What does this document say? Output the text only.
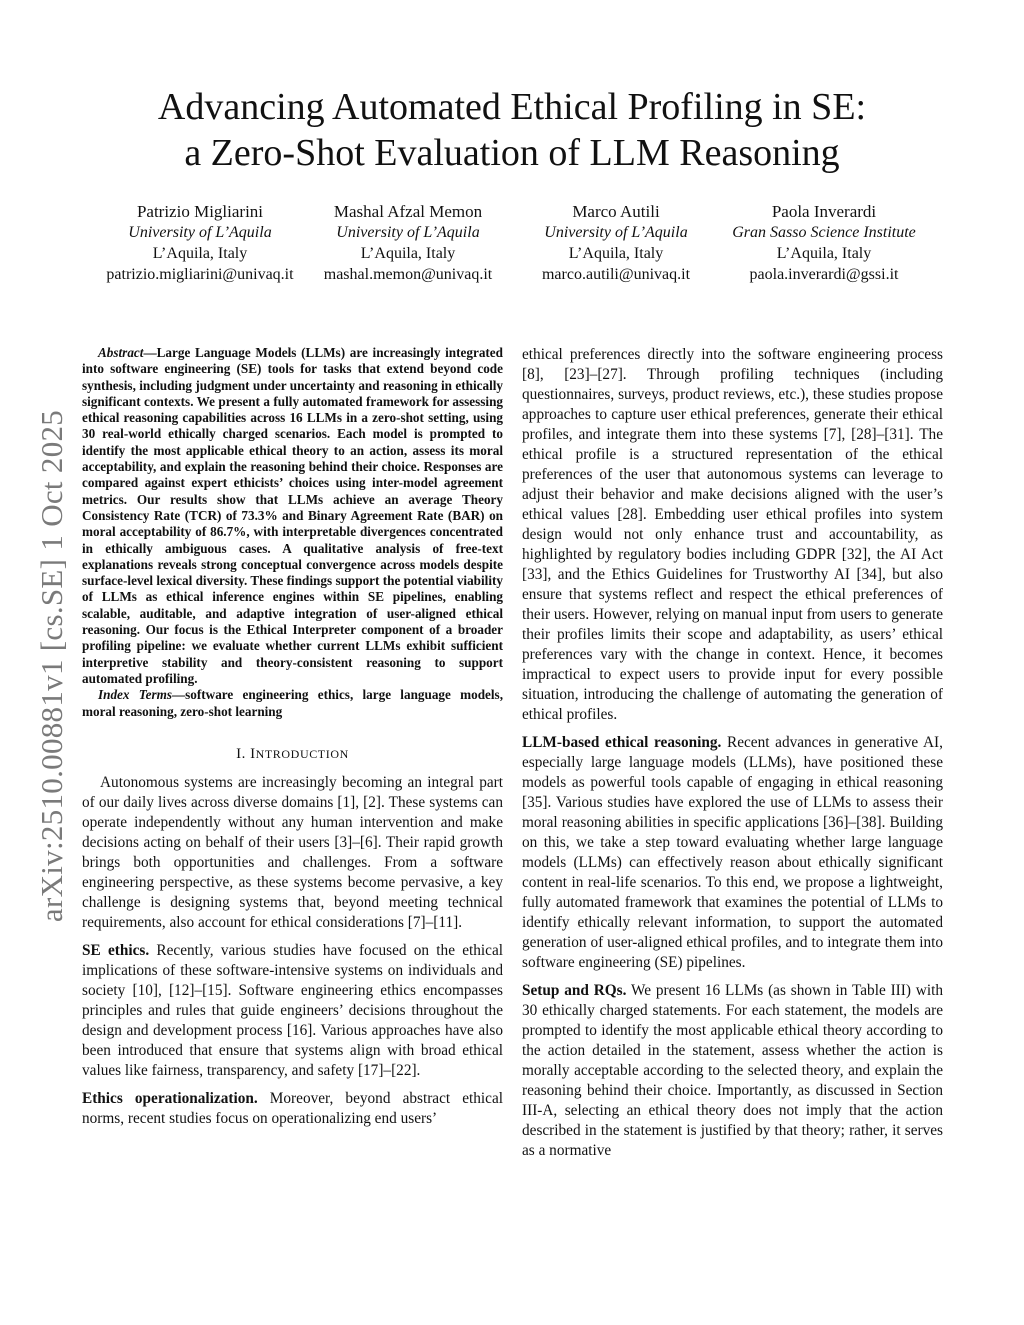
arXiv:2510.00881v1 [cs.SE] 1 Oct 2025
Advancing Automated Ethical Profiling in SE:
a Zero-Shot Evaluation of LLM Reasoning
Patrizio Migliarini
University of L’Aquila
L’Aquila, Italy
patrizio.migliarini@univaq.it
Mashal Afzal Memon
University of L’Aquila
L’Aquila, Italy
mashal.memon@univaq.it
Marco Autili
University of L’Aquila
L’Aquila, Italy
marco.autili@univaq.it
Paola Inverardi
Gran Sasso Science Institute
L’Aquila, Italy
paola.inverardi@gssi.it

Abstract—Large Language Models (LLMs) are increasingly integrated into software engineering (SE) tools for tasks that extend beyond code synthesis, including judgment under uncertainty and reasoning in ethically significant contexts. We present a fully automated framework for assessing ethical reasoning capabilities across 16 LLMs in a zero-shot setting, using 30 real-world ethically charged scenarios. Each model is prompted to identify the most applicable ethical theory to an action, assess its moral acceptability, and explain the reasoning behind their choice. Responses are compared against expert ethicists’ choices using inter-model agreement metrics. Our results show that LLMs achieve an average Theory Consistency Rate (TCR) of 73.3% and Binary Agreement Rate (BAR) on moral acceptability of 86.7%, with interpretable divergences concentrated in ethically ambiguous cases. A qualitative analysis of free-text explanations reveals strong conceptual convergence across models despite surface-level lexical diversity. These findings support the potential viability of LLMs as ethical inference engines within SE pipelines, enabling scalable, auditable, and adaptive integration of user-aligned ethical reasoning. Our focus is the Ethical Interpreter component of a broader profiling pipeline: we evaluate whether current LLMs exhibit sufficient interpretive stability and theory-consistent reasoning to support automated profiling.

Index Terms—software engineering ethics, large language models, moral reasoning, zero-shot learning

I. INTRODUCTION

Autonomous systems are increasingly becoming an integral part of our daily lives across diverse domains [1], [2]. These systems can operate independently without any human intervention and make decisions acting on behalf of their users [3]–[6]. Their rapid growth brings both opportunities and challenges. From a software engineering perspective, as these systems become pervasive, a key challenge is designing systems that, beyond meeting technical requirements, also account for ethical considerations [7]–[11].

SE ethics. Recently, various studies have focused on the ethical implications of these software-intensive systems on individuals and society [10], [12]–[15]. Software engineering ethics encompasses principles and rules that guide engineers’ decisions throughout the design and development process [16]. Various approaches have also been introduced that ensure that systems align with broad ethical values like fairness, transparency, and safety [17]–[22].

Ethics operationalization. Moreover, beyond abstract ethical norms, recent studies focus on operationalizing end users’

ethical preferences directly into the software engineering process [8], [23]–[27]. Through profiling techniques (including questionnaires, surveys, product reviews, etc.), these studies propose approaches to capture user ethical preferences, generate their ethical profiles, and integrate them into these systems [7], [28]–[31]. The ethical profile is a structured representation of the ethical preferences of the user that autonomous systems can leverage to adjust their behavior and make decisions aligned with the user’s ethical values [28]. Embedding user ethical profiles into system design would not only enhance trust and accountability, as highlighted by regulatory bodies including GDPR [32], the AI Act [33], and the Ethics Guidelines for Trustworthy AI [34], but also ensure that systems reflect and respect the ethical preferences of their users. However, relying on manual input from users to generate their profiles limits their scope and adaptability, as users’ ethical preferences vary with the change in context. Hence, it becomes impractical to expect users to provide input for every possible situation, introducing the challenge of automating the generation of ethical profiles.

LLM-based ethical reasoning. Recent advances in generative AI, especially large language models (LLMs), have positioned these models as powerful tools capable of engaging in ethical reasoning [35]. Various studies have explored the use of LLMs to assess their moral reasoning abilities in specific applications [36]–[38]. Building on this, we take a step toward evaluating whether large language models (LLMs) can effectively reason about ethically significant content in real-life scenarios. To this end, we propose a lightweight, fully automated framework that examines the potential of LLMs to identify ethically relevant information, to support the automated generation of user-aligned ethical profiles, and to integrate them into software engineering (SE) pipelines.

Setup and RQs. We present 16 LLMs (as shown in Table III) with 30 ethically charged statements. For each statement, the models are prompted to identify the most applicable ethical theory according to the action detailed in the statement, assess whether the action is morally acceptable according to the selected theory, and explain the reasoning behind their choice. Importantly, as discussed in Section III-A, selecting an ethical theory does not imply that the action described in the statement is justified by that theory; rather, it serves as a normative
